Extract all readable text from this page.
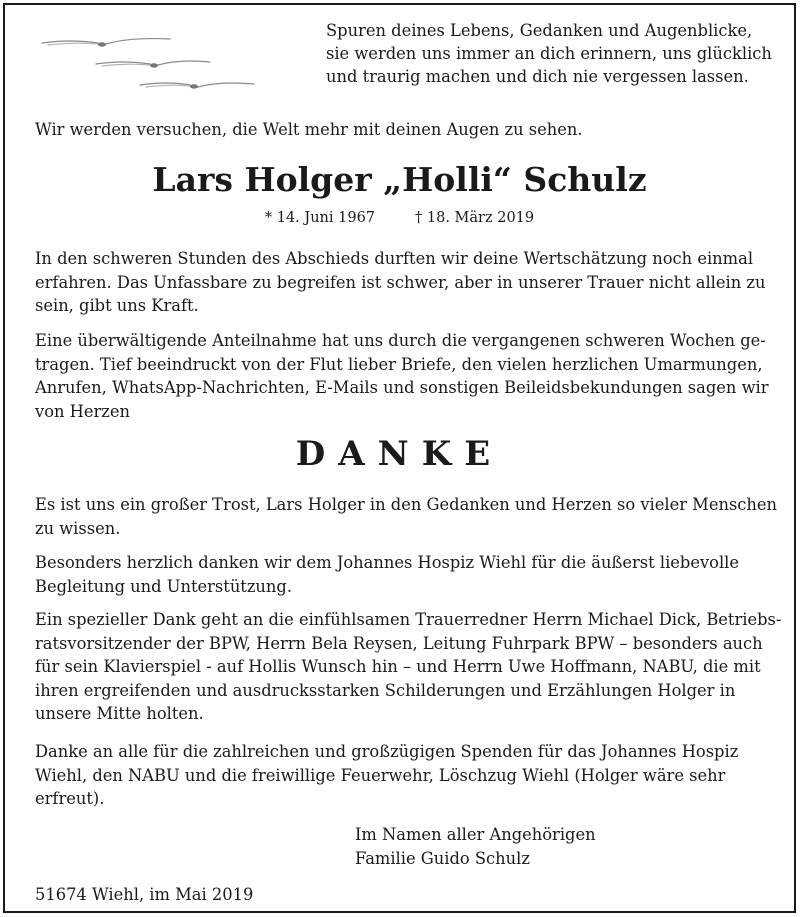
Spuren deines Lebens, Gedanken und Augenblicke,
sie werden uns immer an dich erinnern, uns glücklich
und traurig machen und dich nie vergessen lassen.
Wir werden versuchen, die Welt mehr mit deinen Augen zu sehen.
Lars Holger „Holli“ Schulz
* 14. Juni 1967	† 18. März 2019
In den schweren Stunden des Abschieds durften wir deine Wertschätzung noch einmal
erfahren. Das Unfassbare zu begreifen ist schwer, aber in unserer Trauer nicht allein zu
sein, gibt uns Kraft.
Eine überwältigende Anteilnahme hat uns durch die vergangenen schweren Wochen ge-
tragen. Tief beeindruckt von der Flut lieber Briefe, den vielen herzlichen Umarmungen,
Anrufen, WhatsApp-Nachrichten, E-Mails und sonstigen Beileidsbekundungen sagen wir
von Herzen
DANKE
Es ist uns ein großer Trost, Lars Holger in den Gedanken und Herzen so vieler Menschen
zu wissen.
Besonders herzlich danken wir dem Johannes Hospiz Wiehl für die äußerst liebevolle
Begleitung und Unterstützung.
Ein spezieller Dank geht an die einfühlsamen Trauerredner Herrn Michael Dick, Betriebs-
ratsvorsitzender der BPW, Herrn Bela Reysen, Leitung Fuhrpark BPW – besonders auch
für sein Klavierspiel - auf Hollis Wunsch hin – und Herrn Uwe Hoffmann, NABU, die mit
ihren ergreifenden und ausdrucksstarken Schilderungen und Erzählungen Holger in
unsere Mitte holten.
Danke an alle für die zahlreichen und großzügigen Spenden für das Johannes Hospiz
Wiehl, den NABU und die freiwillige Feuerwehr, Löschzug Wiehl (Holger wäre sehr
erfreut).
Im Namen aller Angehörigen
Familie Guido Schulz
51674 Wiehl, im Mai 2019
